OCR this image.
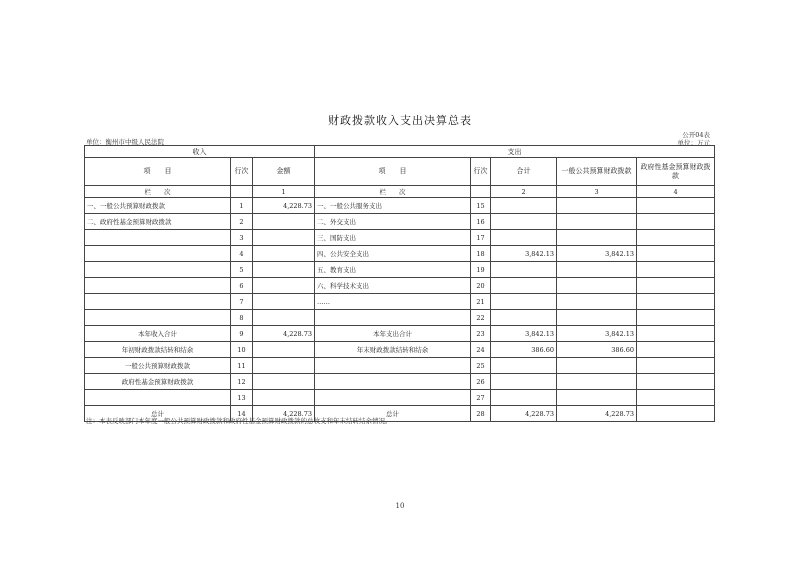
财政拨款收入支出决算总表
公开04表
单位：衡州市中级人民法院	单位：万元
收入			支出				
项　　目	行次	金额	项　　目	行次	合计	一般公共预算财政拨款	政府性基金预算财政拨款
栏　　次		1	栏　　次		2	3	4
一、一般公共预算财政拨款	1	4,228.73	一、一般公共服务支出	15			
二、政府性基金预算财政拨款	2		二、外交支出	16			
	3		三、国防支出	17			
	4		四、公共安全支出	18	3,842.13	3,842.13	
	5		五、教育支出	19			
	6		六、科学技术支出	20			
	7		……	21			
	8			22			
本年收入合计	9	4,228.73	本年支出合计	23	3,842.13	3,842.13	
年初财政拨款结转和结余	10		年末财政拨款结转和结余	24	386.60	386.60	
一般公共预算财政拨款	11			25			
政府性基金预算财政拨款	12			26			
	13			27			
总计	14	4,228.73	总计	28	4,228.73	4,228.73	
注：本表反映部门本年度一般公共预算财政拨款和政府性基金预算财政拨款的总收支和年末结转结余情况。
10
